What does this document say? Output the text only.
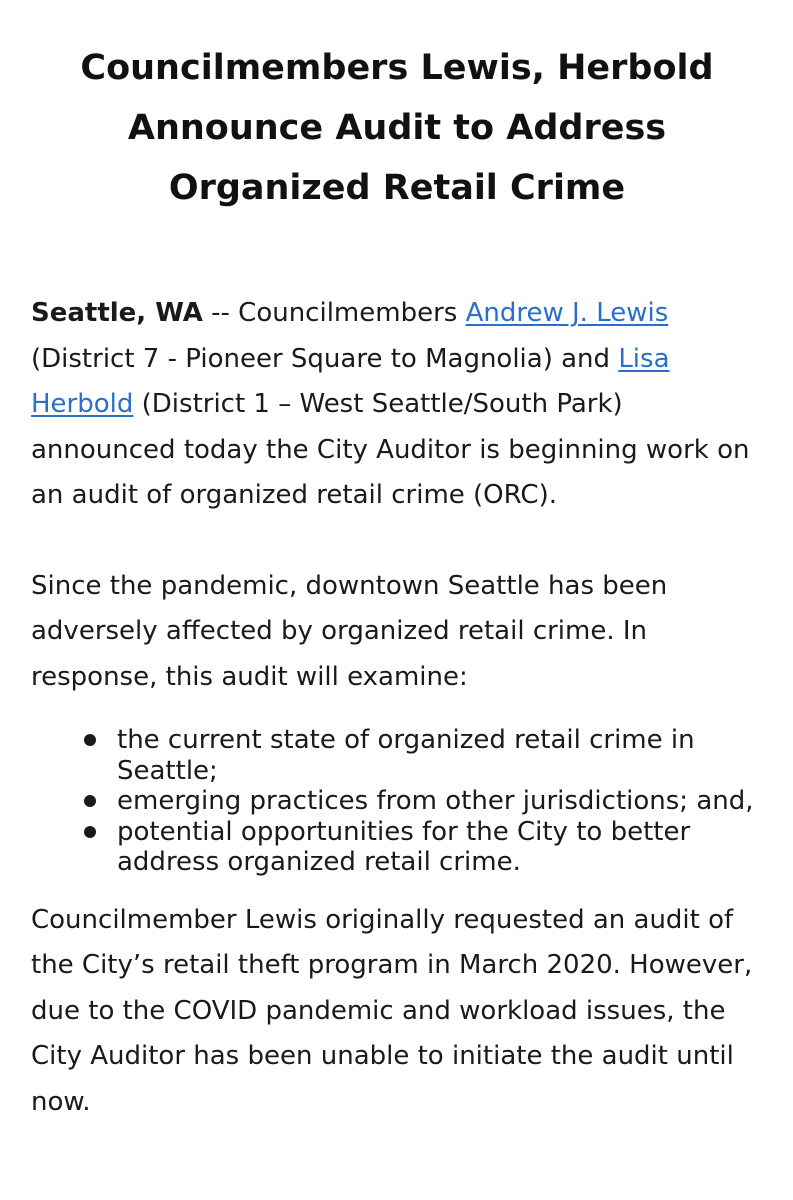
Councilmembers Lewis, Herbold Announce Audit to Address Organized Retail Crime

Seattle, WA -- Councilmembers Andrew J. Lewis (District 7 - Pioneer Square to Magnolia) and Lisa Herbold (District 1 – West Seattle/South Park) announced today the City Auditor is beginning work on an audit of organized retail crime (ORC).

Since the pandemic, downtown Seattle has been adversely affected by organized retail crime. In response, this audit will examine:

the current state of organized retail crime in Seattle;
emerging practices from other jurisdictions; and,
potential opportunities for the City to better address organized retail crime.

Councilmember Lewis originally requested an audit of the City’s retail theft program in March 2020. However, due to the COVID pandemic and workload issues, the City Auditor has been unable to initiate the audit until now.
